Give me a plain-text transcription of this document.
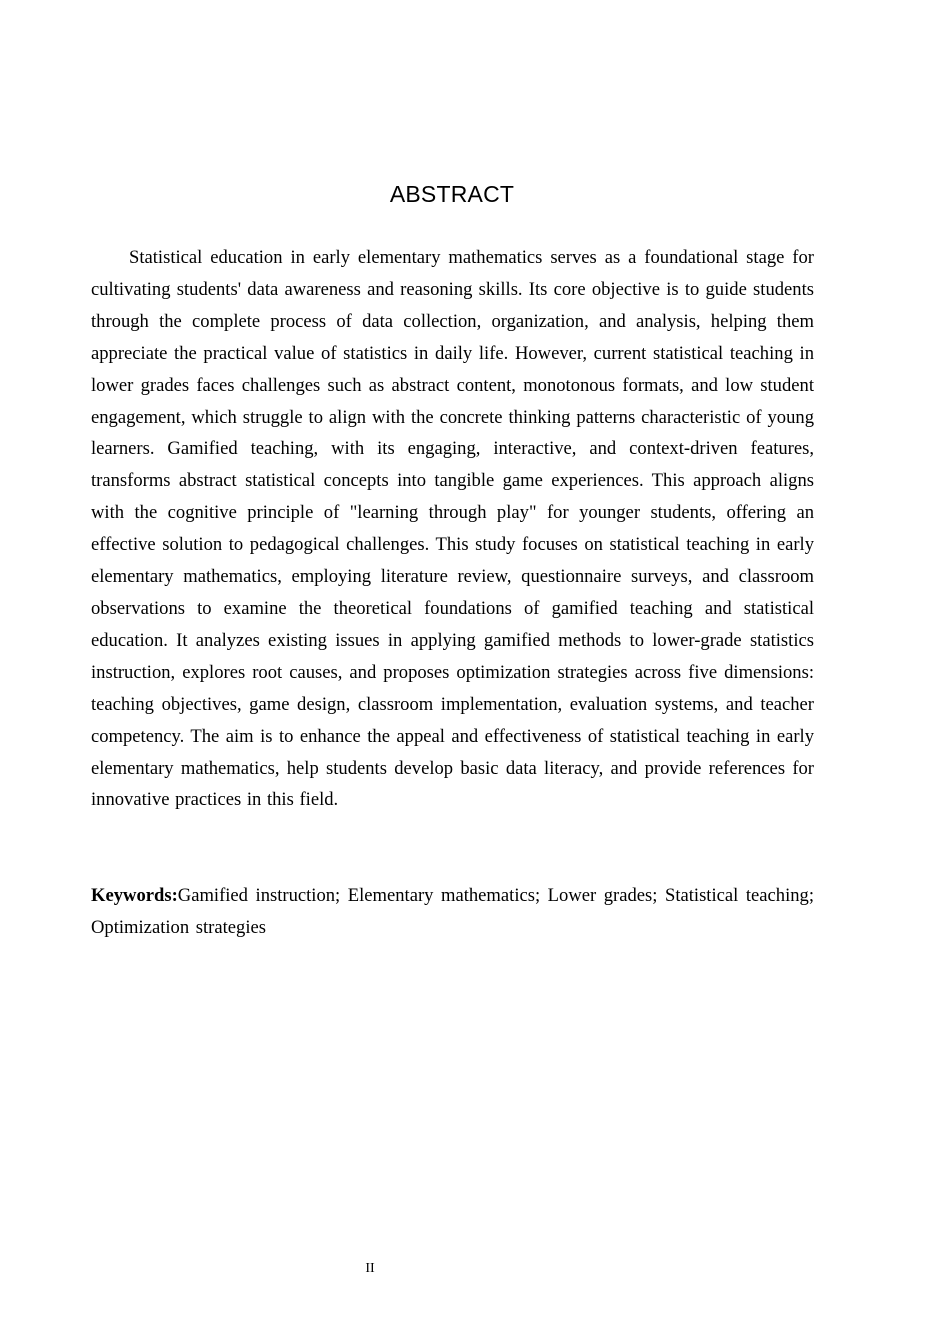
ABSTRACT

Statistical education in early elementary mathematics serves as a foundational stage for cultivating students' data awareness and reasoning skills. Its core objective is to guide students through the complete process of data collection, organization, and analysis, helping them appreciate the practical value of statistics in daily life. However, current statistical teaching in lower grades faces challenges such as abstract content, monotonous formats, and low student engagement, which struggle to align with the concrete thinking patterns characteristic of young learners. Gamified teaching, with its engaging, interactive, and context-driven features, transforms abstract statistical concepts into tangible game experiences. This approach aligns with the cognitive principle of "learning through play" for younger students, offering an effective solution to pedagogical challenges. This study focuses on statistical teaching in early elementary mathematics, employing literature review, questionnaire surveys, and classroom observations to examine the theoretical foundations of gamified teaching and statistical education. It analyzes existing issues in applying gamified methods to lower-grade statistics instruction, explores root causes, and proposes optimization strategies across five dimensions: teaching objectives, game design, classroom implementation, evaluation systems, and teacher competency. The aim is to enhance the appeal and effectiveness of statistical teaching in early elementary mathematics, help students develop basic data literacy, and provide references for innovative practices in this field.

Keywords:Gamified instruction; Elementary mathematics; Lower grades; Statistical teaching; Optimization strategies

II
